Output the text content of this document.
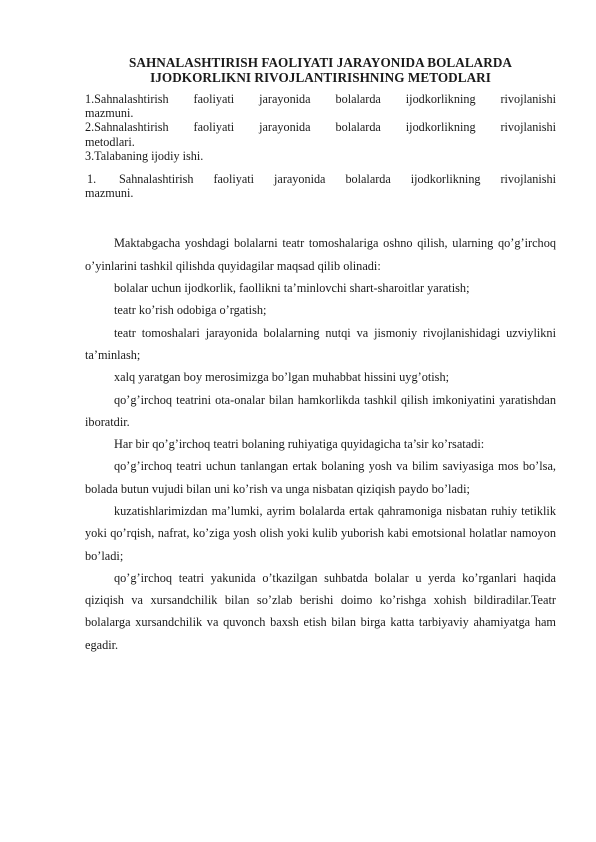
SAHNALASHTIRISH FAOLIYATI JARAYONIDA BOLALARDA
IJODKORLIKNI RIVOJLANTIRISHNING METODLARI
1. Sahnalashtirish faoliyati jarayonida bolalarda ijodkorlikning rivojlanishi
mazmuni.
2. Sahnalashtirish faoliyati jarayonida bolalarda ijodkorlikning rivojlanishi
metodlari.
3. Talabaning ijodiy ishi.
1.	Sahnalashtirish faoliyati jarayonida bolalarda ijodkorlikning rivojlanishi
mazmuni.

Maktabgacha yoshdagi bolalarni teatr tomoshalariga oshno qilish, ularning qo’g’irchoq o’yinlarini tashkil qilishda quyidagilar maqsad qilib olinadi:

bolalar uchun ijodkorlik, faollikni ta’minlovchi shart-sharoitlar yaratish;

teatr ko’rish odobiga o’rgatish;

teatr tomoshalari jarayonida bolalarning nutqi va jismoniy rivojlanishidagi uzviylikni ta’minlash;

xalq yaratgan boy merosimizga bo’lgan muhabbat hissini uyg’otish;

qo’g’irchoq teatrini ota-onalar bilan hamkorlikda tashkil qilish imkoniyatini yaratishdan iboratdir.

Har bir qo’g’irchoq teatri bolaning ruhiyatiga quyidagicha ta’sir ko’rsatadi:

qo’g’irchoq teatri uchun tanlangan ertak bolaning yosh va bilim saviyasiga mos bo’lsa, bolada butun vujudi bilan uni ko’rish va unga nisbatan qiziqish paydo bo’ladi;

kuzatishlarimizdan ma’lumki, ayrim bolalarda ertak qahramoniga nisbatan ruhiy tetiklik yoki qo’rqish, nafrat, ko’ziga yosh olish yoki kulib yuborish kabi emotsional holatlar namoyon bo’ladi;

qo’g’irchoq teatri yakunida o’tkazilgan suhbatda bolalar u yerda ko’rganlari haqida qiziqish va xursandchilik bilan so’zlab berishi doimo ko’rishga xohish bildiradilar.Teatr bolalarga xursandchilik va quvonch baxsh etish bilan birga katta tarbiyaviy ahamiyatga ham egadir.
